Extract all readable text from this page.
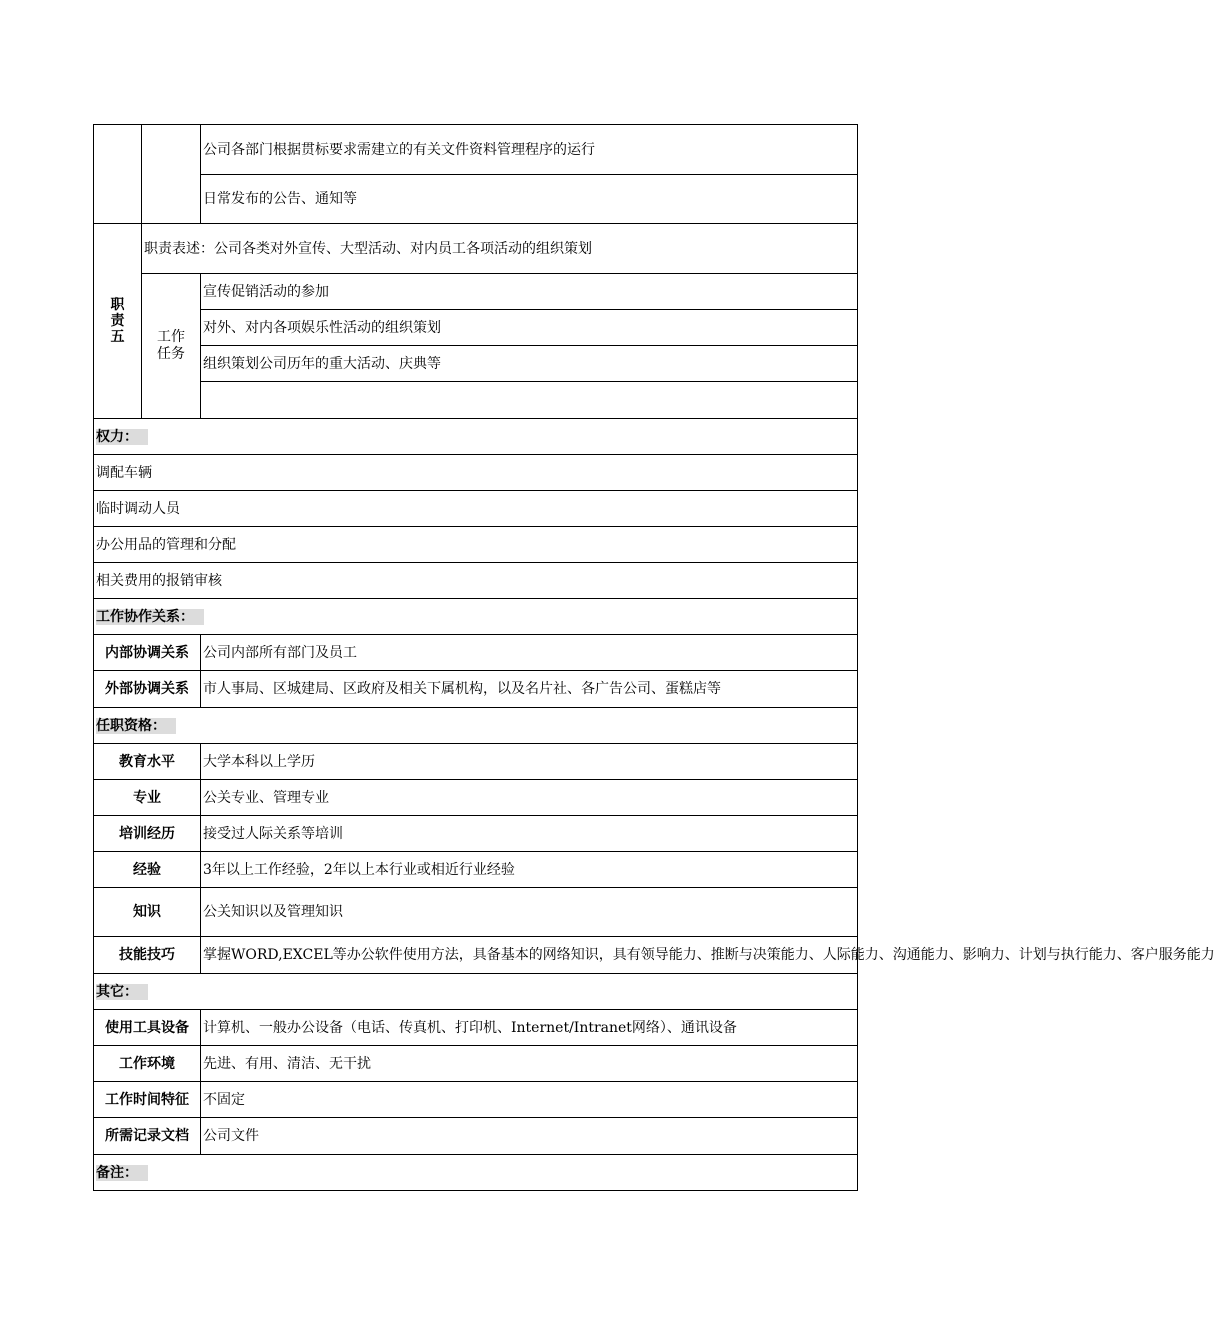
		公司各部门根据贯标要求需建立的有关文件资料管理程序的运行
		日常发布的公告、通知等
职责五	职责表述：公司各类对外宣传、大型活动、对内员工各项活动的组织策划	
	工作任务	宣传促销活动的参加
		对外、对内各项娱乐性活动的组织策划
		组织策划公司历年的重大活动、庆典等

权力：		
调配车辆		
临时调动人员		
办公用品的管理和分配		
相关费用的报销审核		
工作协作关系：		
内部协调关系		公司内部所有部门及员工
外部协调关系		市人事局、区城建局、区政府及相关下属机构，以及名片社、各广告公司、蛋糕店等
任职资格：		
教育水平		大学本科以上学历
专业		公关专业、管理专业
培训经历		接受过人际关系等培训
经验		3年以上工作经验，2年以上本行业或相近行业经验
知识		公关知识以及管理知识
技能技巧		掌握WORD,EXCEL等办公软件使用方法，具备基本的网络知识，具有领导能力、推断与决策能力、人际能力、沟通能力、影响力、计划与执行能力、客户服务能力
其它：		
使用工具设备		计算机、一般办公设备（电话、传真机、打印机、Internet/Intranet网络）、通讯设备
工作环境		先进、有用、清洁、无干扰
工作时间特征		不固定
所需记录文档		公司文件
备注：		
